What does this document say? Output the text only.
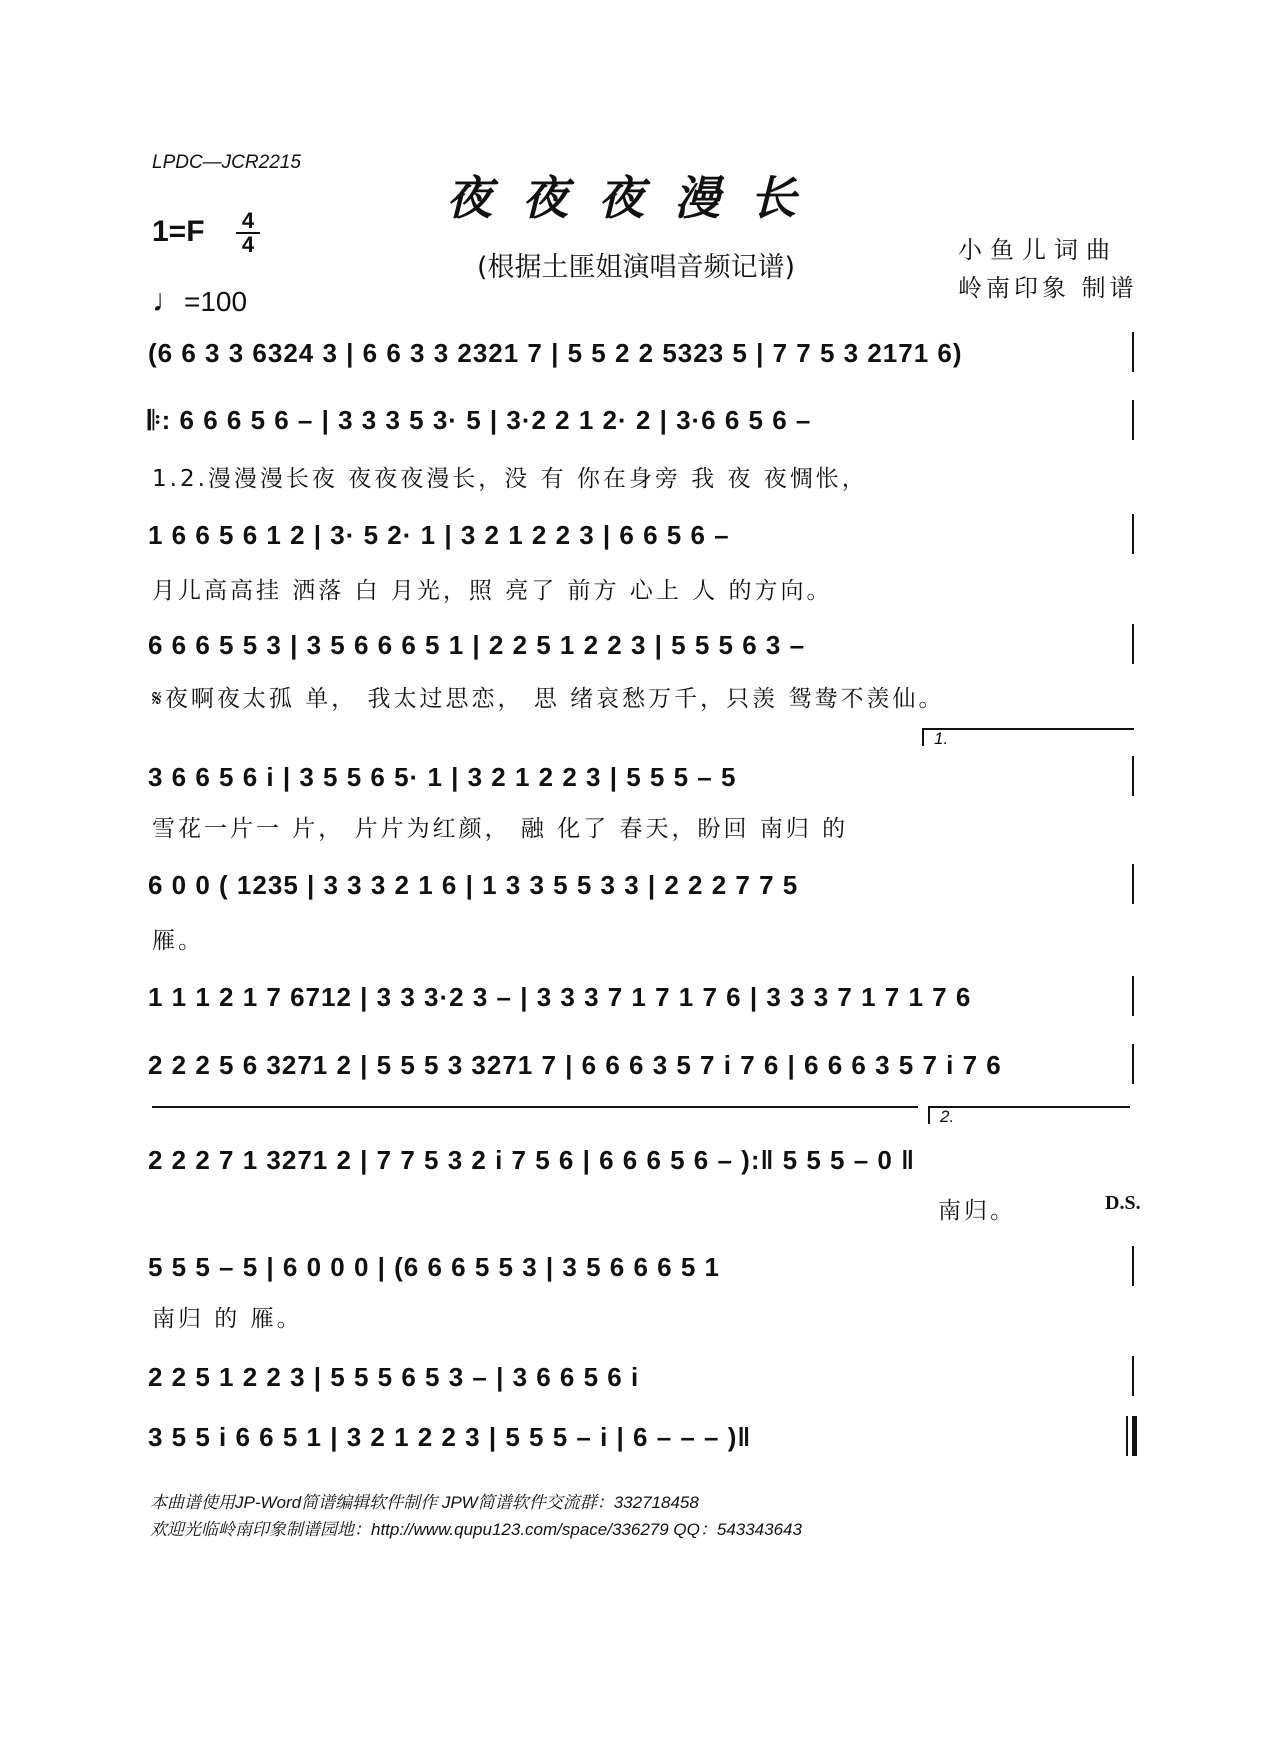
LPDC—JCR2215
夜夜夜漫长
(根据土匪姐演唱音频记谱)
$1=F \frac{4}{4}$
♩=100
小鱼儿词曲
岭南印象 制谱
(6 6 3 3 6324 3 | 6 6 3 3 2321 7 | 5 5 2 2 5323 5 | 7 7 5 3 2171 6)
𝄆: 6 6 6 5 6 – | 3 3 3 5 3· 5 | 3·2 2 1 2· 2 | 3·6 6 5 6 –
1.2.漫漫漫长夜 夜夜夜漫长，没 有 你在身旁 我 夜 夜惆怅，
1 6 6 5 6 1 2 | 3· 5 2· 1 | 3 2 1 2 2 3 | 6 6 5 6 –
月儿高高挂 洒落 白 月光，照 亮了 前方 心上 人 的方向。
6 6 6 5 5 3 | 3 5 6 6 6 5 1 | 2 2 5 1 2 2 3 | 5 5 5 6 3 –
𝄋夜啊夜太孤 单， 我太过思恋， 思 绪哀愁万千，只羡 鸳鸯不羡仙。
1.
3 6 6 5 6 i | 3 5 5 6 5· 1 | 3 2 1 2 2 3 | 5 5 5 – 5
雪花一片一 片， 片片为红颜， 融 化了 春天，盼回 南归 的
6 0 0 ( 1235 | 3 3 3 2 1 6 | 1 3 3 5 5 3 3 | 2 2 2 7 7 5
雁。
1 1 1 2 1 7 6712 | 3 3 3·2 3 – | 3 3 3 7 1 7 1 7 6 | 3 3 3 7 1 7 1 7 6
2 2 2 5 6 3271 2 | 5 5 5 3 3271 7 | 6 6 6 3 5 7 i 7 6 | 6 6 6 3 5 7 i 7 6
2.
2 2 2 7 1 3271 2 | 7 7 5 3 2 i 7 5 6 | 6 6 6 5 6 – ):‖ 5 5 5 – 0 ‖
南归。	D.S.
5 5 5 – 5 | 6 0 0 0 | (6 6 6 5 5 3 | 3 5 6 6 6 5 1
南归 的 雁。
2 2 5 1 2 2 3 | 5 5 5 6 5 3 – | 3 6 6 5 6 i
3 5 5 i 6 6 5 1 | 3 2 1 2 2 3 | 5 5 5 – i | 6 – – – )‖
本曲谱使用JP-Word简谱编辑软件制作 JPW简谱软件交流群：332718458
欢迎光临岭南印象制谱园地：http://www.qupu123.com/space/336279 QQ：543343643
